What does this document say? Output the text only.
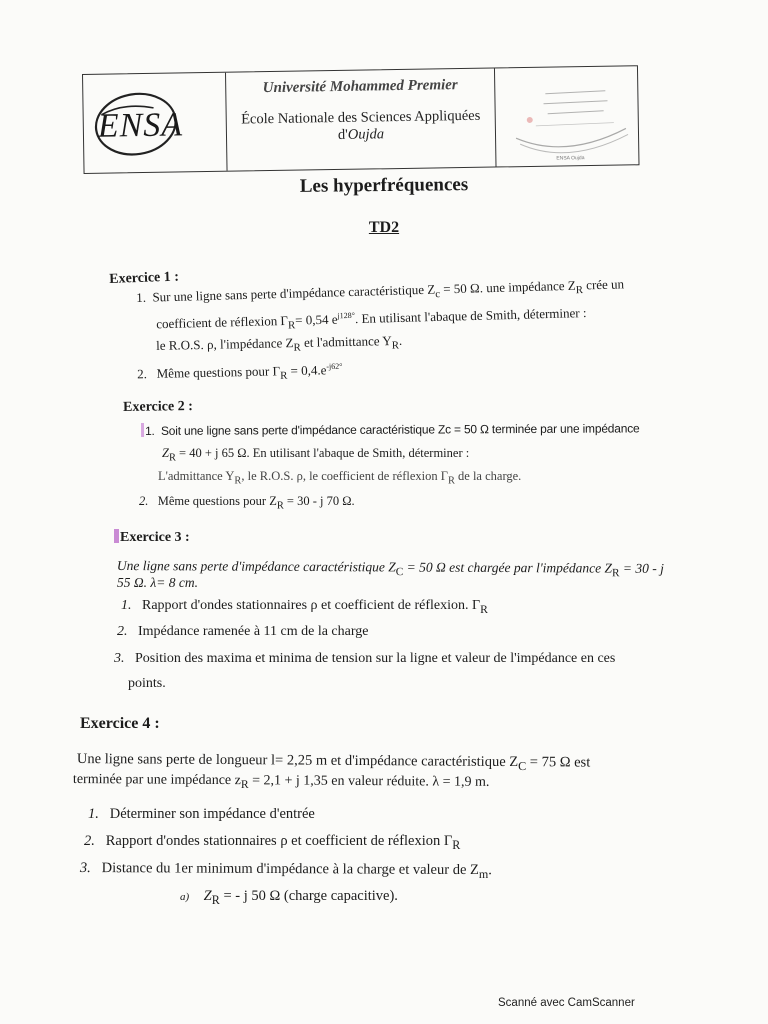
ENSA
Université Mohammed Premier
École Nationale des Sciences Appliquées
d'Oujda
ENSA Oujda
Les hyperfréquences
TD2
Exercice 1 :
1. Sur une ligne sans perte d'impédance caractéristique $Z_c = 50$ Ω. une impédance $Z_R$ crée un
coefficient de réflexion $\Gamma_R= 0,54$ $e^{j128^\circ}$. En utilisant l'abaque de Smith, déterminer :
le R.O.S. ρ, l'impédance $Z_R$ et l'admittance $Y_R$.
2. Même questions pour $\Gamma_R = 0,4.e^{-j62^\circ}$
Exercice 2 :
1. Soit une ligne sans perte d'impédance caractéristique Zc = 50 Ω terminée par une impédance
$Z_R = 40 + j$ 65 Ω. En utilisant l'abaque de Smith, déterminer :
L'admittance $Y_R$, le R.O.S. ρ, le coefficient de réflexion $\Gamma_R$ de la charge.
2. Même questions pour $Z_R = 30 - j$ 70 Ω.
Exercice 3 :
Une ligne sans perte d'impédance caractéristique $Z_C = 50$ Ω est chargée par l'impédance $Z_R = 30 - j$
55 Ω. λ= 8 cm.
1. Rapport d'ondes stationnaires ρ et coefficient de réflexion. $\Gamma_R$
2. Impédance ramenée à 11 cm de la charge
3. Position des maxima et minima de tension sur la ligne et valeur de l'impédance en ces
points.
Exercice 4 :
Une ligne sans perte de longueur l= 2,25 m et d'impédance caractéristique $Z_C = 75$ Ω est
terminée par une impédance $z_R = 2,1 + j$ 1,35 en valeur réduite. λ = 1,9 m.
1. Déterminer son impédance d'entrée
2. Rapport d'ondes stationnaires ρ et coefficient de réflexion $\Gamma_R$
3. Distance du 1er minimum d'impédance à la charge et valeur de $Z_m$.
a) $Z_R$ = - j 50 Ω (charge capacitive).
Scanné avec CamScanner
